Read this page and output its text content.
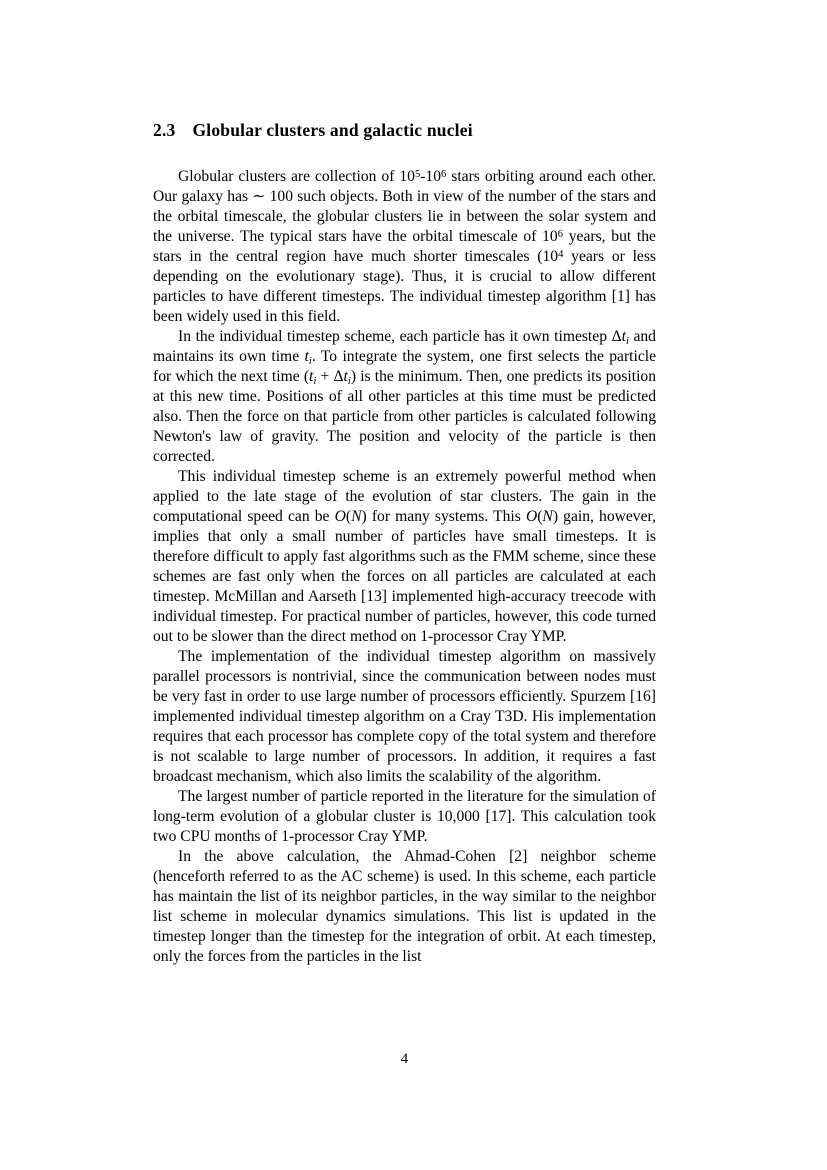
2.3 Globular clusters and galactic nuclei

Globular clusters are collection of $10^5-10^6$ stars orbiting around each other. Our galaxy has ∼ 100 such objects. Both in view of the number of the stars and the orbital timescale, the globular clusters lie in between the solar system and the universe. The typical stars have the orbital timescale of $10^6$ years, but the stars in the central region have much shorter timescales ($10^4$ years or less depending on the evolutionary stage). Thus, it is crucial to allow different particles to have different timesteps. The individual timestep algorithm [1] has been widely used in this field.

In the individual timestep scheme, each particle has it own timestep $\Delta t_i$ and maintains its own time $t_i$. To integrate the system, one first selects the particle for which the next time $(t_i + \Delta t_i)$ is the minimum. Then, one predicts its position at this new time. Positions of all other particles at this time must be predicted also. Then the force on that particle from other particles is calculated following Newton's law of gravity. The position and velocity of the particle is then corrected.

This individual timestep scheme is an extremely powerful method when applied to the late stage of the evolution of star clusters. The gain in the computational speed can be O(N) for many systems. This O(N) gain, however, implies that only a small number of particles have small timesteps. It is therefore difficult to apply fast algorithms such as the FMM scheme, since these schemes are fast only when the forces on all particles are calculated at each timestep. McMillan and Aarseth [13] implemented high-accuracy treecode with individual timestep. For practical number of particles, however, this code turned out to be slower than the direct method on 1-processor Cray YMP.

The implementation of the individual timestep algorithm on massively parallel processors is nontrivial, since the communication between nodes must be very fast in order to use large number of processors efficiently. Spurzem [16] implemented individual timestep algorithm on a Cray T3D. His implementation requires that each processor has complete copy of the total system and therefore is not scalable to large number of processors. In addition, it requires a fast broadcast mechanism, which also limits the scalability of the algorithm.

The largest number of particle reported in the literature for the simulation of long-term evolution of a globular cluster is 10,000 [17]. This calculation took two CPU months of 1-processor Cray YMP.

In the above calculation, the Ahmad-Cohen [2] neighbor scheme (henceforth referred to as the AC scheme) is used. In this scheme, each particle has maintain the list of its neighbor particles, in the way similar to the neighbor list scheme in molecular dynamics simulations. This list is updated in the timestep longer than the timestep for the integration of orbit. At each timestep, only the forces from the particles in the list

4
